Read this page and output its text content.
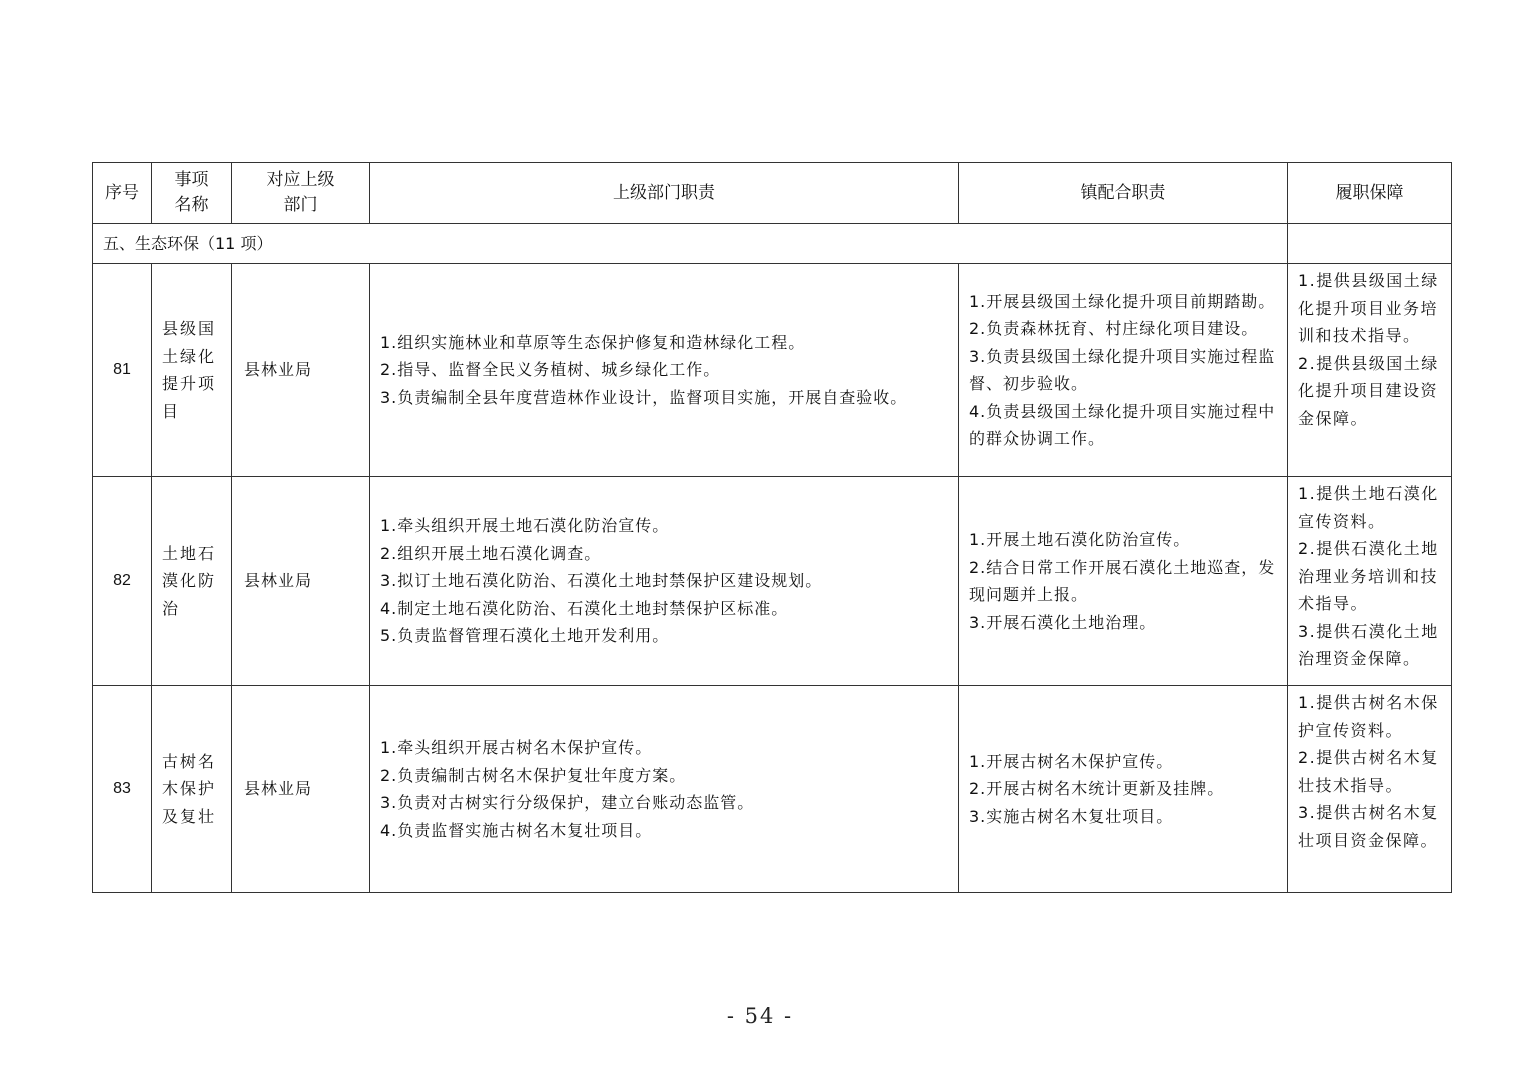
序号	事项名称	对应上级部门	上级部门职责	镇配合职责	履职保障
五、生态环保（11 项）					
81	县级国土绿化提升项目	县林业局	1.组织实施林业和草原等生态保护修复和造林绿化工程。
2.指导、监督全民义务植树、城乡绿化工作。
3.负责编制全县年度营造林作业设计，监督项目实施，开展自查验收。	1.开展县级国土绿化提升项目前期踏勘。
2.负责森林抚育、村庄绿化项目建设。
3.负责县级国土绿化提升项目实施过程监督、初步验收。
4.负责县级国土绿化提升项目实施过程中的群众协调工作。	1.提供县级国土绿化提升项目业务培训和技术指导。
2.提供县级国土绿化提升项目建设资金保障。

82	土地石漠化防治	县林业局	1.牵头组织开展土地石漠化防治宣传。
2.组织开展土地石漠化调查。
3.拟订土地石漠化防治、石漠化土地封禁保护区建设规划。
4.制定土地石漠化防治、石漠化土地封禁保护区标准。
5.负责监督管理石漠化土地开发利用。	1.开展土地石漠化防治宣传。
2.结合日常工作开展石漠化土地巡查，发现问题并上报。
3.开展石漠化土地治理。	1.提供土地石漠化宣传资料。
2.提供石漠化土地治理业务培训和技术指导。
3.提供石漠化土地治理资金保障。

83	古树名木保护及复壮	县林业局	1.牵头组织开展古树名木保护宣传。
2.负责编制古树名木保护复壮年度方案。
3.负责对古树实行分级保护，建立台账动态监管。
4.负责监督实施古树名木复壮项目。	1.开展古树名木保护宣传。
2.开展古树名木统计更新及挂牌。
3.实施古树名木复壮项目。	1.提供古树名木保护宣传资料。
2.提供古树名木复壮技术指导。
3.提供古树名木复壮项目资金保障。
- 54 -
